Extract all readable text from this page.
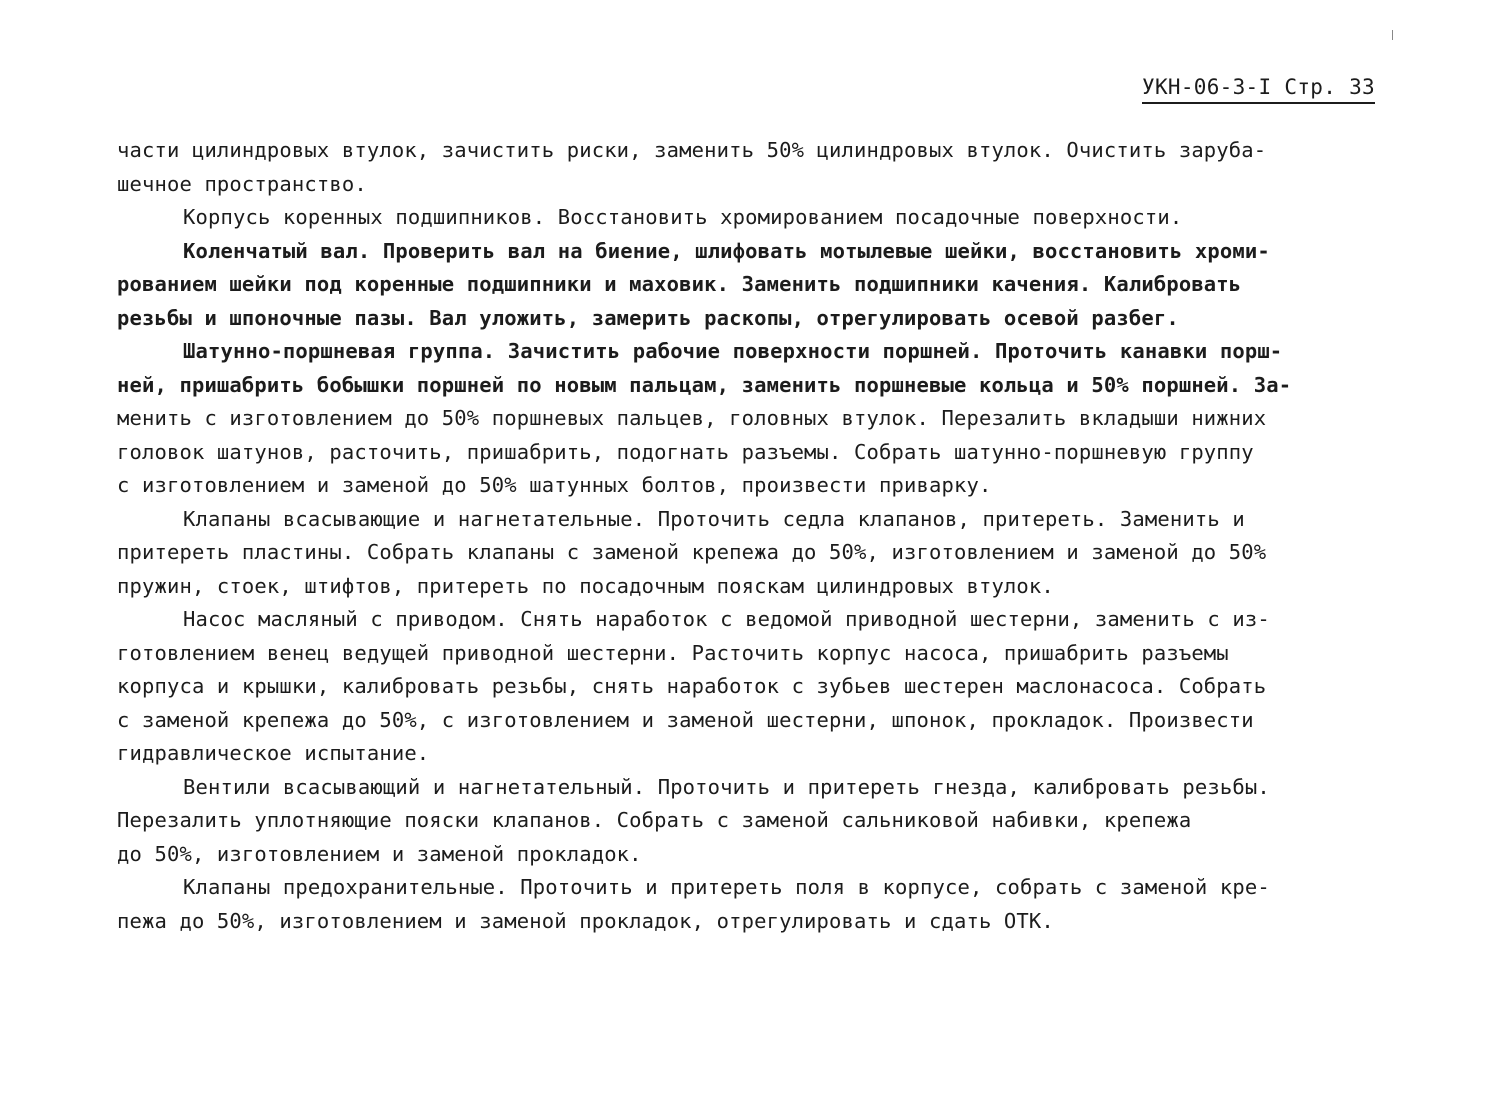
УКН-06-3-I Стр. 33
части цилиндровых втулок, зачистить риски, заменить 50% цилиндровых втулок. Очистить заруба-
шечное пространство.
Корпусь коренных подшипников. Восстановить хромированием посадочные поверхности.
Коленчатый вал. Проверить вал на биение, шлифовать мотылевые шейки, восстановить хроми-
рованием шейки под коренные подшипники и маховик. Заменить подшипники качения. Калибровать
резьбы и шпоночные пазы. Вал уложить, замерить раскопы, отрегулировать осевой разбег.
Шатунно-поршневая группа. Зачистить рабочие поверхности поршней. Проточить канавки порш-
ней, пришабрить бобышки поршней по новым пальцам, заменить поршневые кольца и 50% поршней. За-
менить с изготовлением до 50% поршневых пальцев, головных втулок. Перезалить вкладыши нижних
головок шатунов, расточить, пришабрить, подогнать разъемы. Собрать шатунно-поршневую группу
с изготовлением и заменой до 50% шатунных болтов, произвести приварку.
Клапаны всасывающие и нагнетательные. Проточить седла клапанов, притереть. Заменить и
притереть пластины. Собрать клапаны с заменой крепежа до 50%, изготовлением и заменой до 50%
пружин, стоек, штифтов, притереть по посадочным пояскам цилиндровых втулок.
Насос масляный с приводом. Снять наработок с ведомой приводной шестерни, заменить с из-
готовлением венец ведущей приводной шестерни. Расточить корпус насоса, пришабрить разъемы
корпуса и крышки, калибровать резьбы, снять наработок с зубьев шестерен маслонасоса. Собрать
с заменой крепежа до 50%, с изготовлением и заменой шестерни, шпонок, прокладок. Произвести
гидравлическое испытание.
Вентили всасывающий и нагнетательный. Проточить и притереть гнезда, калибровать резьбы.
Перезалить уплотняющие пояски клапанов. Собрать с заменой сальниковой набивки, крепежа
до 50%, изготовлением и заменой прокладок.
Клапаны предохранительные. Проточить и притереть поля в корпусе, собрать с заменой кре-
пежа до 50%, изготовлением и заменой прокладок, отрегулировать и сдать ОТК.
